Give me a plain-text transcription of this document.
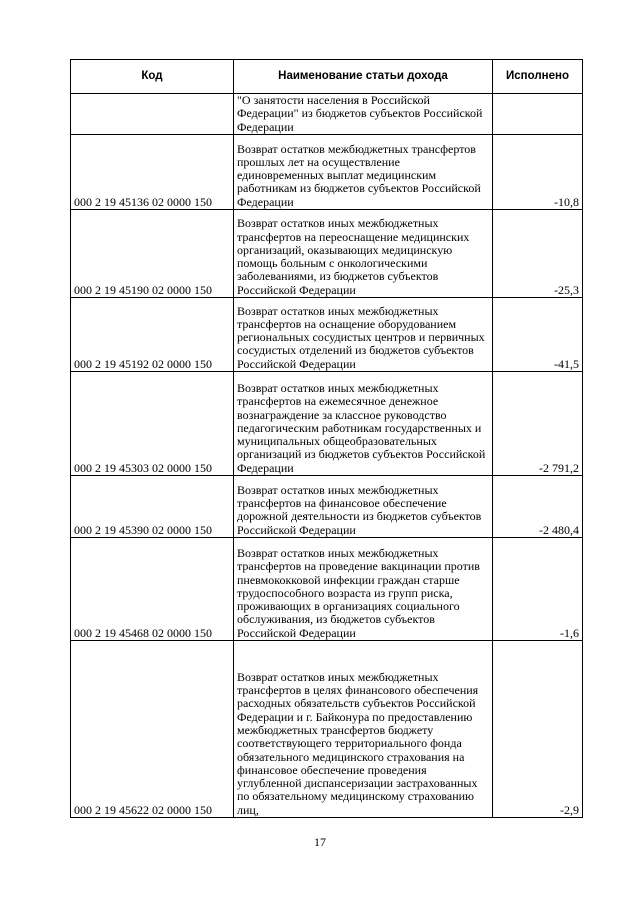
Код	Наименование статьи дохода	Исполнено
	"О занятости населения в Российской Федерации" из бюджетов субъектов Российской Федерации	
000 2 19 45136 02 0000 150	Возврат остатков межбюджетных трансфертов прошлых лет на осуществление единовременных выплат медицинским работникам из бюджетов субъектов Российской Федерации	-10,8
000 2 19 45190 02 0000 150	Возврат остатков иных межбюджетных трансфертов на переоснащение медицинских организаций, оказывающих медицинскую помощь больным с онкологическими заболеваниями, из бюджетов субъектов Российской Федерации	-25,3
000 2 19 45192 02 0000 150	Возврат остатков иных межбюджетных трансфертов на оснащение оборудованием региональных сосудистых центров и первичных сосудистых отделений из бюджетов субъектов Российской Федерации	-41,5
000 2 19 45303 02 0000 150	Возврат остатков иных межбюджетных трансфертов на ежемесячное денежное вознаграждение за классное руководство педагогическим работникам государственных и муниципальных общеобразовательных организаций из бюджетов субъектов Российской Федерации	-2 791,2
000 2 19 45390 02 0000 150	Возврат остатков иных межбюджетных трансфертов на финансовое обеспечение дорожной деятельности из бюджетов субъектов Российской Федерации	-2 480,4
000 2 19 45468 02 0000 150	Возврат остатков иных межбюджетных трансфертов на проведение вакцинации против пневмококковой инфекции граждан старше трудоспособного возраста из групп риска, проживающих в организациях социального обслуживания, из бюджетов субъектов Российской Федерации	-1,6
000 2 19 45622 02 0000 150	Возврат остатков иных межбюджетных трансфертов в целях финансового обеспечения расходных обязательств субъектов Российской Федерации и г. Байконура по предоставлению межбюджетных трансфертов бюджету соответствующего территориального фонда обязательного медицинского страхования на финансовое обеспечение проведения углубленной диспансеризации застрахованных по обязательному медицинскому страхованию лиц,	-2,9
17
